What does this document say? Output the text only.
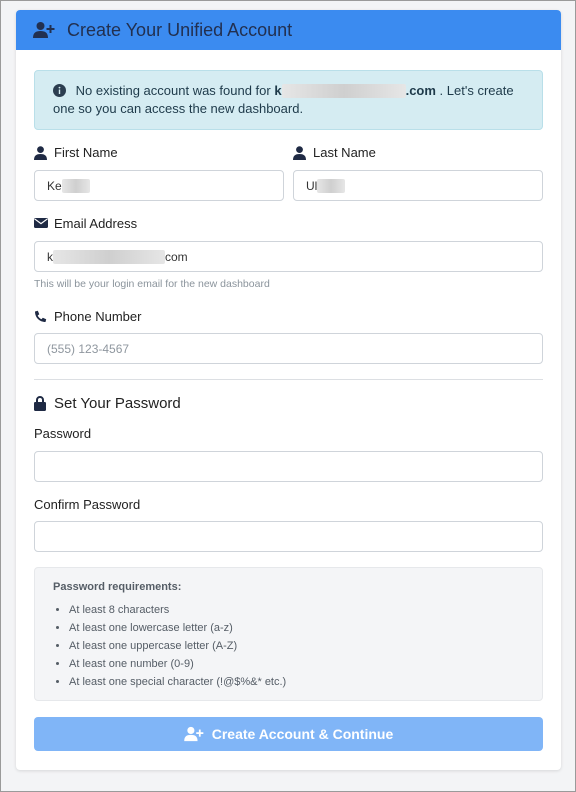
Create Your Unified Account
No existing account was found for k	.com . Let's create one so you can access the new dashboard.
First Name
Ke
Last Name
Ul
Email Address
k	com
This will be your login email for the new dashboard
Phone Number
(555) 123-4567
Set Your Password
Password
Confirm Password
Password requirements:
• At least 8 characters
• At least one lowercase letter (a-z)
• At least one uppercase letter (A-Z)
• At least one number (0-9)
• At least one special character (!@$%&* etc.)
Create Account & Continue
